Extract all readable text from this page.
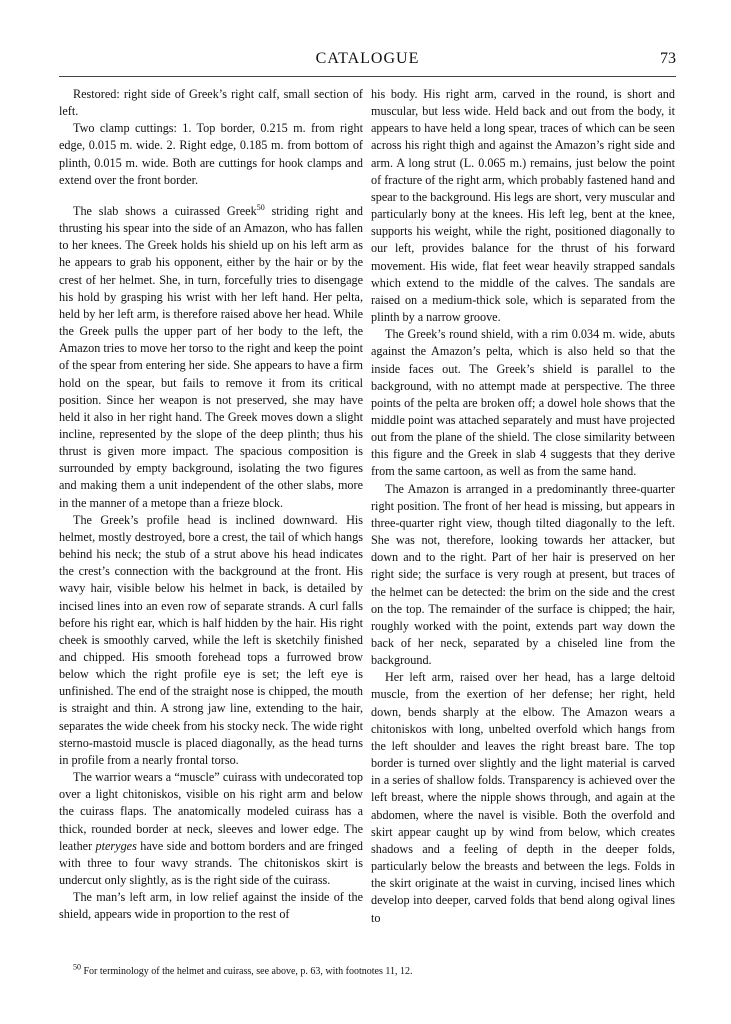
CATALOGUE	73

Restored: right side of Greek’s right calf, small section of left.

Two clamp cuttings: 1. Top border, 0.215 m. from right edge, 0.015 m. wide. 2. Right edge, 0.185 m. from bottom of plinth, 0.015 m. wide. Both are cuttings for hook clamps and extend over the front border.

The slab shows a cuirassed Greek$^{50}$ striding right and thrusting his spear into the side of an Amazon, who has fallen to her knees. The Greek holds his shield up on his left arm as he appears to grab his opponent, either by the hair or by the crest of her helmet. She, in turn, forcefully tries to disengage his hold by grasping his wrist with her left hand. Her pelta, held by her left arm, is therefore raised above her head. While the Greek pulls the upper part of her body to the left, the Amazon tries to move her torso to the right and keep the point of the spear from entering her side. She appears to have a firm hold on the spear, but fails to remove it from its critical position. Since her weapon is not preserved, she may have held it also in her right hand. The Greek moves down a slight incline, represented by the slope of the deep plinth; thus his thrust is given more impact. The spacious composition is surrounded by empty background, isolating the two figures and making them a unit independent of the other slabs, more in the manner of a metope than a frieze block.

The Greek’s profile head is inclined downward. His helmet, mostly destroyed, bore a crest, the tail of which hangs behind his neck; the stub of a strut above his head indicates the crest’s connection with the background at the front. His wavy hair, visible below his helmet in back, is detailed by incised lines into an even row of separate strands. A curl falls before his right ear, which is half hidden by the hair. His right cheek is smoothly carved, while the left is sketchily finished and chipped. His smooth forehead tops a furrowed brow below which the right profile eye is set; the left eye is unfinished. The end of the straight nose is chipped, the mouth is straight and thin. A strong jaw line, extending to the hair, separates the wide cheek from his stocky neck. The wide right sterno-mastoid muscle is placed diagonally, as the head turns in profile from a nearly frontal torso.

The warrior wears a “muscle” cuirass with undecorated top over a light chitoniskos, visible on his right arm and below the cuirass flaps. The anatomically modeled cuirass has a thick, rounded border at neck, sleeves and lower edge. The leather pteryges have side and bottom borders and are fringed with three to four wavy strands. The chitoniskos skirt is undercut only slightly, as is the right side of the cuirass.

The man’s left arm, in low relief against the inside of the shield, appears wide in proportion to the rest of

his body. His right arm, carved in the round, is short and muscular, but less wide. Held back and out from the body, it appears to have held a long spear, traces of which can be seen across his right thigh and against the Amazon’s right side and arm. A long strut (L. 0.065 m.) remains, just below the point of fracture of the right arm, which probably fastened hand and spear to the background. His legs are short, very muscular and particularly bony at the knees. His left leg, bent at the knee, supports his weight, while the right, positioned diagonally to our left, provides balance for the thrust of his forward movement. His wide, flat feet wear heavily strapped sandals which extend to the middle of the calves. The sandals are raised on a medium-thick sole, which is separated from the plinth by a narrow groove.

The Greek’s round shield, with a rim 0.034 m. wide, abuts against the Amazon’s pelta, which is also held so that the inside faces out. The Greek’s shield is parallel to the background, with no attempt made at perspective. The three points of the pelta are broken off; a dowel hole shows that the middle point was attached separately and must have projected out from the plane of the shield. The close similarity between this figure and the Greek in slab 4 suggests that they derive from the same cartoon, as well as from the same hand.

The Amazon is arranged in a predominantly three-quarter right position. The front of her head is missing, but appears in three-quarter right view, though tilted diagonally to the left. She was not, therefore, looking towards her attacker, but down and to the right. Part of her hair is preserved on her right side; the surface is very rough at present, but traces of the helmet can be detected: the brim on the side and the crest on the top. The remainder of the surface is chipped; the hair, roughly worked with the point, extends part way down the back of her neck, separated by a chiseled line from the background.

Her left arm, raised over her head, has a large deltoid muscle, from the exertion of her defense; her right, held down, bends sharply at the elbow. The Amazon wears a chitoniskos with long, unbelted overfold which hangs from the left shoulder and leaves the right breast bare. The top border is turned over slightly and the light material is carved in a series of shallow folds. Transparency is achieved over the left breast, where the nipple shows through, and again at the abdomen, where the navel is visible. Both the overfold and skirt appear caught up by wind from below, which creates shadows and a feeling of depth in the deeper folds, particularly below the breasts and between the legs. Folds in the skirt originate at the waist in curving, incised lines which develop into deeper, carved folds that bend along ogival lines to

$^{50}$ For terminology of the helmet and cuirass, see above, p. 63, with footnotes 11, 12.
